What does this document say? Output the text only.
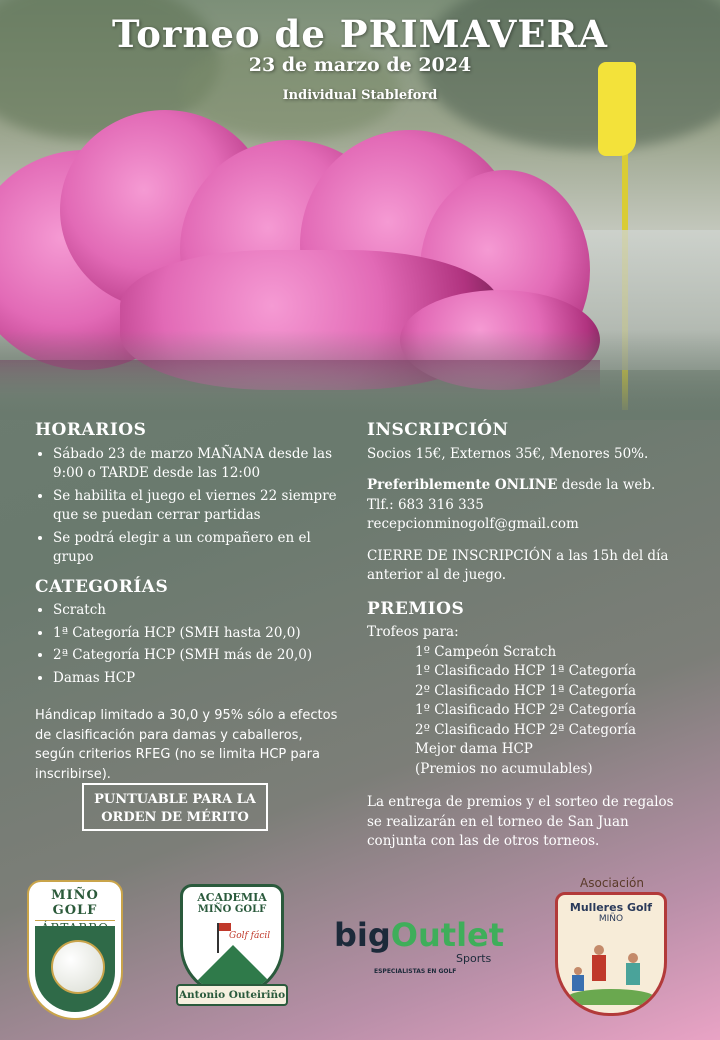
Torneo de PRIMAVERA
23 de marzo de 2024
Individual Stableford
HORARIOS
• Sábado 23 de marzo MAÑANA desde las 9:00 o TARDE desde las 12:00
• Se habilita el juego el viernes 22 siempre que se puedan cerrar partidas
• Se podrá elegir a un compañero en el grupo
CATEGORÍAS
• Scratch
• 1ª Categoría HCP (SMH hasta 20,0)
• 2ª Categoría HCP (SMH más de 20,0)
• Damas HCP

Hándicap limitado a 30,0 y 95% sólo a efectos de clasificación para damas y caballeros, según criterios RFEG (no se limita HCP para inscribirse).

PUNTUABLE PARA LA ORDEN DE MÉRITO
INSCRIPCIÓN

Socios 15€, Externos 35€, Menores 50%.

Preferiblemente ONLINE desde la web.

Tlf.: 683 316 335

recepcionminogolf@gmail.com

CIERRE DE INSCRIPCIÓN a las 15h del día anterior al de juego.

PREMIOS

Trofeos para:

1º Campeón Scratch

1º Clasificado HCP 1ª Categoría

2º Clasificado HCP 1ª Categoría

1º Clasificado HCP 2ª Categoría

2º Clasificado HCP 2ª Categoría

Mejor dama HCP

(Premios no acumulables)

La entrega de premios y el sorteo de regalos se realizarán en el torneo de San Juan conjunta con las de otros torneos.

MIÑO GOLF
ACADEMIA
MIÑO GOLF
Golf fácil
Antonio Outeiriño
bigOutlet
Sports
ESPECIALISTAS EN GOLF
Asociación
Mulleres Golf
MIÑO
